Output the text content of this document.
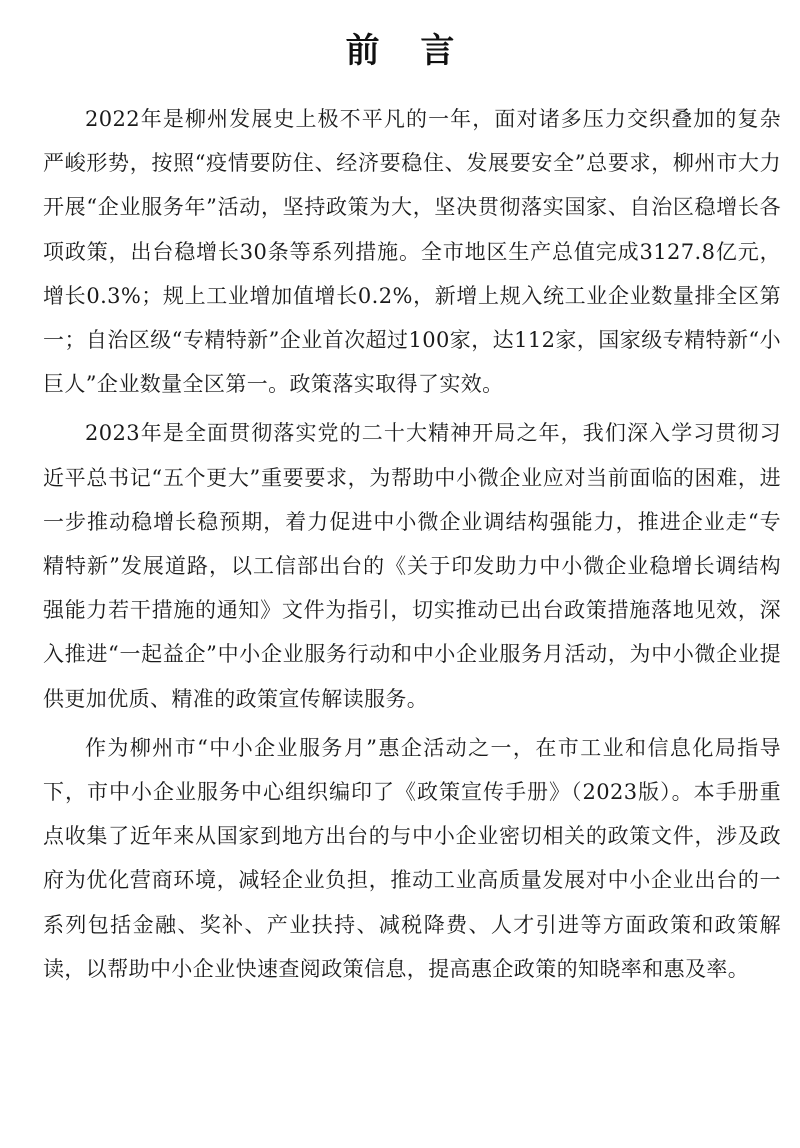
前言

2022年是柳州发展史上极不平凡的一年，面对诸多压力交织叠加的复杂严峻形势，按照“疫情要防住、经济要稳住、发展要安全”总要求，柳州市大力开展“企业服务年”活动，坚持政策为大，坚决贯彻落实国家、自治区稳增长各项政策，出台稳增长30条等系列措施。全市地区生产总值完成3127.8亿元，增长0.3%；规上工业增加值增长0.2%，新增上规入统工业企业数量排全区第一；自治区级“专精特新”企业首次超过100家，达112家，国家级专精特新“小巨人”企业数量全区第一。政策落实取得了实效。

2023年是全面贯彻落实党的二十大精神开局之年，我们深入学习贯彻习近平总书记“五个更大”重要要求，为帮助中小微企业应对当前面临的困难，进一步推动稳增长稳预期，着力促进中小微企业调结构强能力，推进企业走“专精特新”发展道路，以工信部出台的《关于印发助力中小微企业稳增长调结构强能力若干措施的通知》文件为指引，切实推动已出台政策措施落地见效，深入推进“一起益企”中小企业服务行动和中小企业服务月活动，为中小微企业提供更加优质、精准的政策宣传解读服务。

作为柳州市“中小企业服务月”惠企活动之一，在市工业和信息化局指导下，市中小企业服务中心组织编印了《政策宣传手册》（2023版）。本手册重点收集了近年来从国家到地方出台的与中小企业密切相关的政策文件，涉及政府为优化营商环境，减轻企业负担，推动工业高质量发展对中小企业出台的一系列包括金融、奖补、产业扶持、减税降费、人才引进等方面政策和政策解读，以帮助中小企业快速查阅政策信息，提高惠企政策的知晓率和惠及率。
